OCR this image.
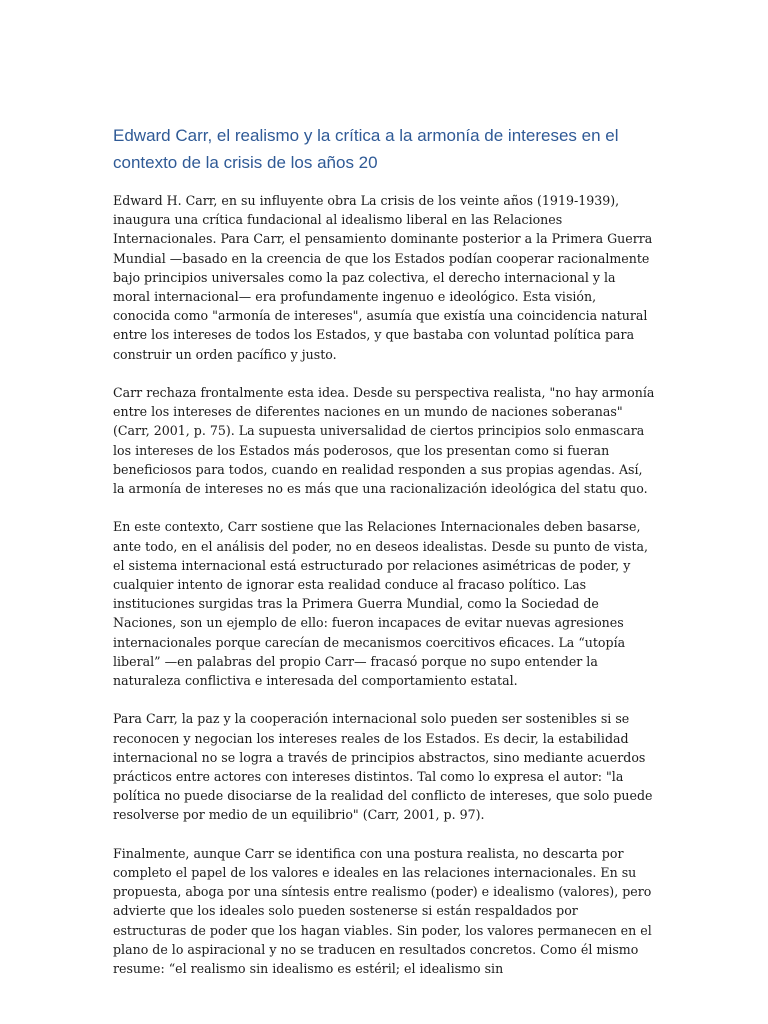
Edward Carr, el realismo y la crítica a la armonía de intereses en el contexto de la crisis de los años 20

Edward H. Carr, en su influyente obra La crisis de los veinte años (1919-1939), inaugura una crítica fundacional al idealismo liberal en las Relaciones Internacionales. Para Carr, el pensamiento dominante posterior a la Primera Guerra Mundial —basado en la creencia de que los Estados podían cooperar racionalmente bajo principios universales como la paz colectiva, el derecho internacional y la moral internacional— era profundamente ingenuo e ideológico. Esta visión, conocida como "armonía de intereses", asumía que existía una coincidencia natural entre los intereses de todos los Estados, y que bastaba con voluntad política para construir un orden pacífico y justo.

Carr rechaza frontalmente esta idea. Desde su perspectiva realista, "no hay armonía entre los intereses de diferentes naciones en un mundo de naciones soberanas" (Carr, 2001, p. 75). La supuesta universalidad de ciertos principios solo enmascara los intereses de los Estados más poderosos, que los presentan como si fueran beneficiosos para todos, cuando en realidad responden a sus propias agendas. Así, la armonía de intereses no es más que una racionalización ideológica del statu quo.

En este contexto, Carr sostiene que las Relaciones Internacionales deben basarse, ante todo, en el análisis del poder, no en deseos idealistas. Desde su punto de vista, el sistema internacional está estructurado por relaciones asimétricas de poder, y cualquier intento de ignorar esta realidad conduce al fracaso político. Las instituciones surgidas tras la Primera Guerra Mundial, como la Sociedad de Naciones, son un ejemplo de ello: fueron incapaces de evitar nuevas agresiones internacionales porque carecían de mecanismos coercitivos eficaces. La “utopía liberal” —en palabras del propio Carr— fracasó porque no supo entender la naturaleza conflictiva e interesada del comportamiento estatal.

Para Carr, la paz y la cooperación internacional solo pueden ser sostenibles si se reconocen y negocian los intereses reales de los Estados. Es decir, la estabilidad internacional no se logra a través de principios abstractos, sino mediante acuerdos prácticos entre actores con intereses distintos. Tal como lo expresa el autor: "la política no puede disociarse de la realidad del conflicto de intereses, que solo puede resolverse por medio de un equilibrio" (Carr, 2001, p. 97).

Finalmente, aunque Carr se identifica con una postura realista, no descarta por completo el papel de los valores e ideales en las relaciones internacionales. En su propuesta, aboga por una síntesis entre realismo (poder) e idealismo (valores), pero advierte que los ideales solo pueden sostenerse si están respaldados por estructuras de poder que los hagan viables. Sin poder, los valores permanecen en el plano de lo aspiracional y no se traducen en resultados concretos. Como él mismo resume: “el realismo sin idealismo es estéril; el idealismo sin
